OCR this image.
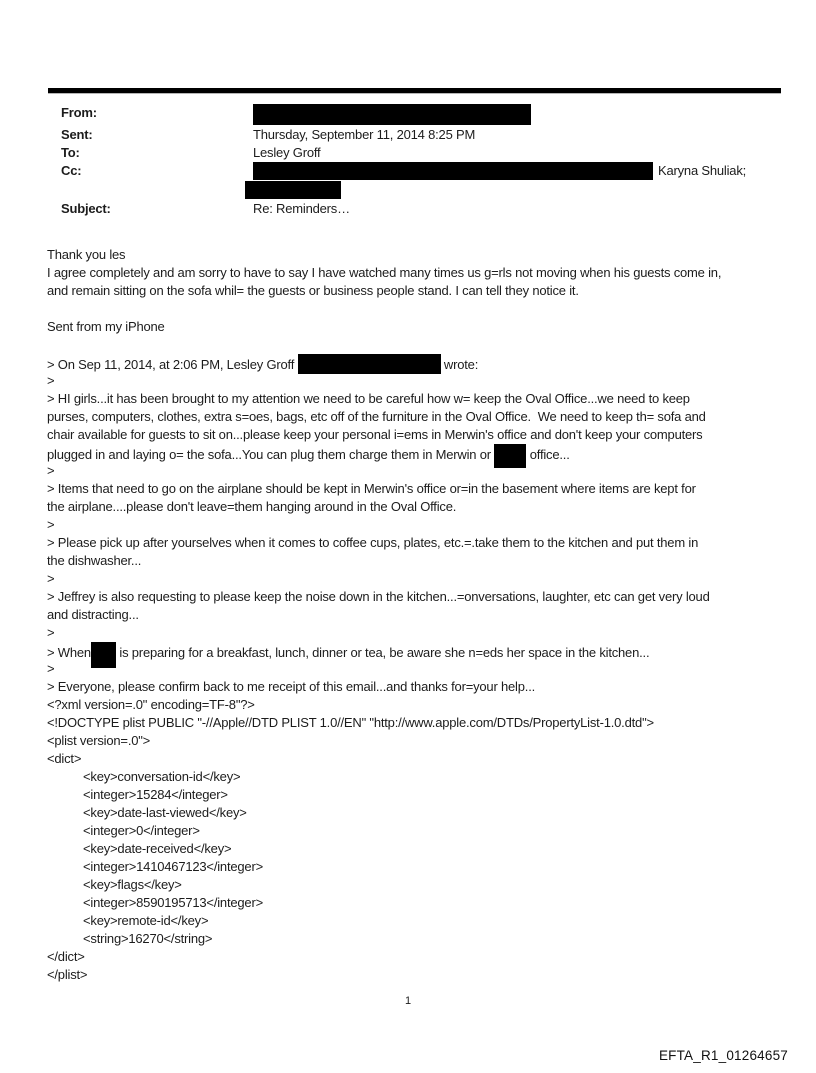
From:
Sent:	Thursday, September 11, 2014 8:25 PM
To:	Lesley Groff
Cc:	Karyna Shuliak;
Subject:	Re: Reminders…
Thank you les
I agree completely and am sorry to have to say I have watched many times us g=rls not moving when his guests come in,
and remain sitting on the sofa whil= the guests or business people stand. I can tell they notice it.

Sent from my iPhone

> On Sep 11, 2014, at 2:06 PM, Lesley Groff	wrote:
>
> HI girls...it has been brought to my attention we need to be careful how w= keep the Oval Office...we need to keep
purses, computers, clothes, extra s=oes, bags, etc off of the furniture in the Oval Office.  We need to keep th= sofa and
chair available for guests to sit on...please keep your personal i=ems in Merwin's office and don't keep your computers
plugged in and laying o= the sofa...You can plug them charge them in Merwin or  office...
>
> Items that need to go on the airplane should be kept in Merwin's office or=in the basement where items are kept for
the airplane....please don't leave=them hanging around in the Oval Office.
>
> Please pick up after yourselves when it comes to coffee cups, plates, etc.=.take them to the kitchen and put them in
the dishwasher...
>
> Jeffrey is also requesting to please keep the noise down in the kitchen...=onversations, laughter, etc can get very loud
and distracting...
>
> When is preparing for a breakfast, lunch, dinner or tea, be aware she n=eds her space in the kitchen...
>
> Everyone, please confirm back to me receipt of this email...and thanks for=your help...
<?xml version=.0" encoding=TF-8"?>
<!DOCTYPE plist PUBLIC "-//Apple//DTD PLIST 1.0//EN" "http://www.apple.com/DTDs/PropertyList-1.0.dtd">
<plist version=.0">
<dict>
<key>conversation-id</key>
<integer>15284</integer>
<key>date-last-viewed</key>
<integer>0</integer>
<key>date-received</key>
<integer>1410467123</integer>
<key>flags</key>
<integer>8590195713</integer>
<key>remote-id</key>
<string>16270</string>
</dict>
</plist>
1
EFTA_R1_01264657
